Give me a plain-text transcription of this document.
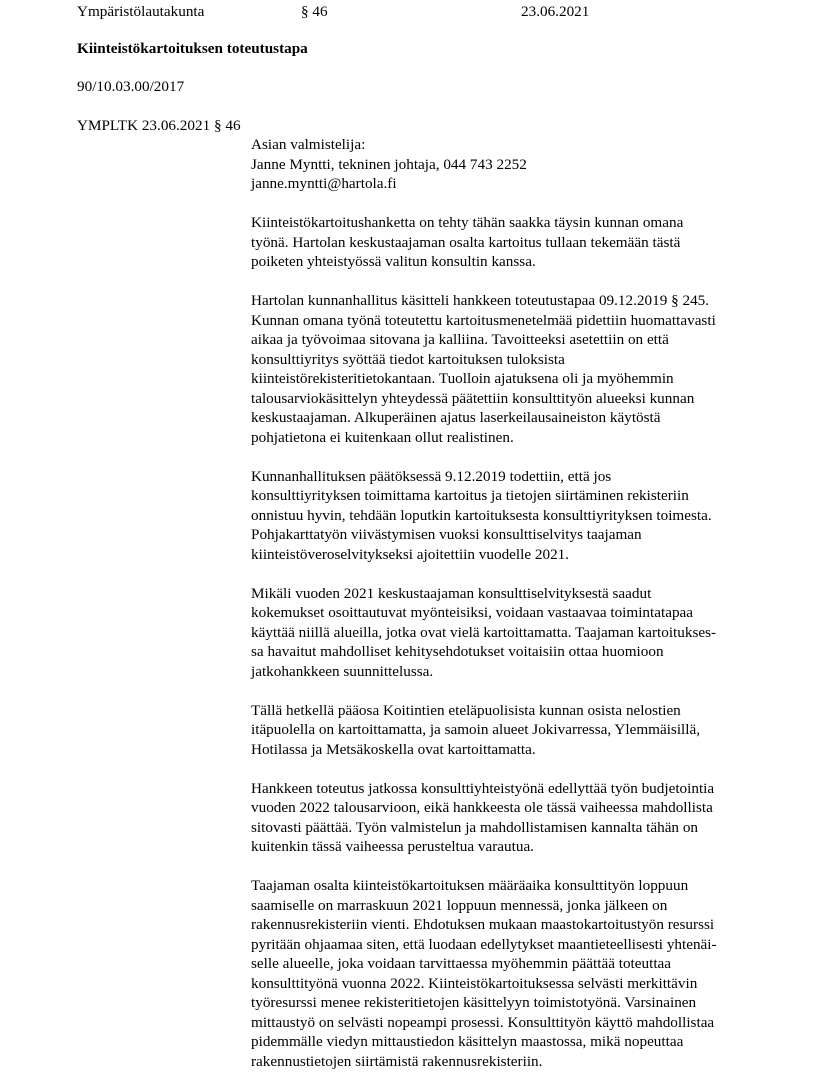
Ympäristölautakunta	§ 46	23.06.2021
Kiinteistökartoituksen toteutustapa
90/10.03.00/2017
YMPLTK 23.06.2021 § 46
Asian valmistelija:
Janne Myntti, tekninen johtaja, 044 743 2252
janne.myntti@hartola.fi
Kiinteistökartoitushanketta on tehty tähän saakka täysin kunnan omana
työnä. Hartolan keskustaajaman osalta kartoitus tullaan tekemään tästä
poiketen yhteistyössä valitun konsultin kanssa.
Hartolan kunnanhallitus käsitteli hankkeen toteutustapaa 09.12.2019 § 245.
Kunnan omana työnä toteutettu kartoitusmenetelmää pidettiin huomattavasti
aikaa ja työvoimaa sitovana ja kalliina. Tavoitteeksi asetettiin on että
konsulttiyritys syöttää tiedot kartoituksen tuloksista
kiinteistörekisteritietokantaan. Tuolloin ajatuksena oli ja myöhemmin
talousarviokäsittelyn yhteydessä päätettiin konsulttityön alueeksi kunnan
keskustaajaman. Alkuperäinen ajatus laserkeilausaineiston käytöstä
pohjatietona ei kuitenkaan ollut realistinen.
Kunnanhallituksen päätöksessä 9.12.2019 todettiin, että jos
konsulttiyrityksen toimittama kartoitus ja tietojen siirtäminen rekisteriin
onnistuu hyvin, tehdään loputkin kartoituksesta konsulttiyrityksen toimesta.
Pohjakarttatyön viivästymisen vuoksi konsulttiselvitys taajaman
kiinteistöveroselvitykseksi ajoitettiin vuodelle 2021.
Mikäli vuoden 2021 keskustaajaman konsulttiselvityksestä saadut
kokemukset osoittautuvat myönteisiksi, voidaan vastaavaa toimintatapaa
käyttää niillä alueilla, jotka ovat vielä kartoittamatta. Taajaman kartoitukses-
sa havaitut mahdolliset kehitysehdotukset voitaisiin ottaa huomioon
jatkohankkeen suunnittelussa.
Tällä hetkellä pääosa Koitintien eteläpuolisista kunnan osista nelostien
itäpuolella on kartoittamatta, ja samoin alueet Jokivarressa, Ylemmäisillä,
Hotilassa ja Metsäkoskella ovat kartoittamatta.
Hankkeen toteutus jatkossa konsulttiyhteistyönä edellyttää työn budjetointia
vuoden 2022 talousarvioon, eikä hankkeesta ole tässä vaiheessa mahdollista
sitovasti päättää. Työn valmistelun ja mahdollistamisen kannalta tähän on
kuitenkin tässä vaiheessa perusteltua varautua.
Taajaman osalta kiinteistökartoituksen määräaika konsulttityön loppuun
saamiselle on marraskuun 2021 loppuun mennessä, jonka jälkeen on
rakennusrekisteriin vienti. Ehdotuksen mukaan maastokartoitustyön resurssi
pyritään ohjaamaa siten, että luodaan edellytykset maantieteellisesti yhtenäi-
selle alueelle, joka voidaan tarvittaessa myöhemmin päättää toteuttaa
konsulttityönä vuonna 2022. Kiinteistökartoituksessa selvästi merkittävin
työresurssi menee rekisteritietojen käsittelyyn toimistotyönä. Varsinainen
mittaustyö on selvästi nopeampi prosessi. Konsulttityön käyttö mahdollistaa
pidemmälle viedyn mittaustiedon käsittelyn maastossa, mikä nopeuttaa
rakennustietojen siirtämistä rakennusrekisteriin.
